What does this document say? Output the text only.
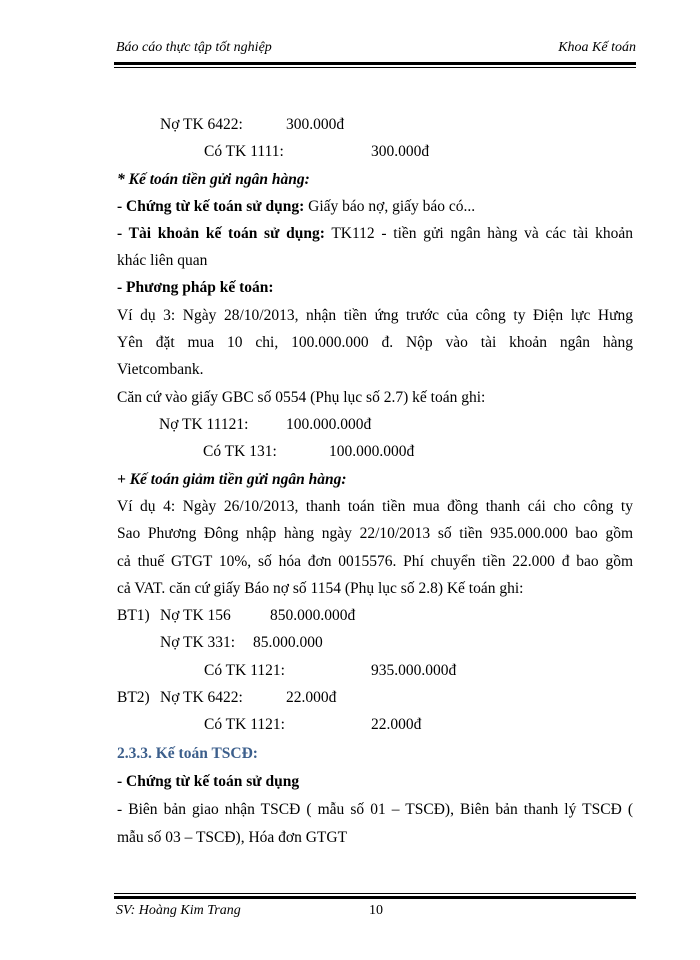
Báo cáo thực tập tốt nghiệp	Khoa Kế toán
Nợ TK 6422:	300.000đ
Có TK 1111:	300.000đ
* Kế toán tiền gửi ngân hàng:
- Chứng từ kế toán sử dụng: Giấy báo nợ, giấy báo có...
- Tài khoản kế toán sử dụng: TK112 - tiền gửi ngân hàng và các tài khoản
khác liên quan
- Phương pháp kế toán:
Ví dụ 3: Ngày 28/10/2013, nhận tiền ứng trước của công ty Điện lực Hưng
Yên đặt mua 10 chi, 100.000.000 đ. Nộp vào tài khoản ngân hàng
Vietcombank.
Căn cứ vào giấy GBC số 0554 (Phụ lục số 2.7) kế toán ghi:
Nợ TK 11121: 100.000.000đ
Có TK 131:	100.000.000đ
+ Kế toán giảm tiền gửi ngân hàng:
Ví dụ 4: Ngày 26/10/2013, thanh toán tiền mua đồng thanh cái cho công ty
Sao Phương Đông nhập hàng ngày 22/10/2013 số tiền 935.000.000 bao gồm
cả thuế GTGT 10%, số hóa đơn 0015576. Phí chuyển tiền 22.000 đ bao gồm
cả VAT. căn cứ giấy Báo nợ số 1154 (Phụ lục số 2.8) Kế toán ghi:
BT1) Nợ TK 156	850.000.000đ
Nợ TK 331: 85.000.000
Có TK 1121:	935.000.000đ
BT2) Nợ TK 6422:	22.000đ
Có TK 1121:	22.000đ
2.3.3. Kế toán TSCĐ:
- Chứng từ kế toán sử dụng
- Biên bản giao nhận TSCĐ ( mẫu số 01 – TSCĐ), Biên bản thanh lý TSCĐ (
mẫu số 03 – TSCĐ), Hóa đơn GTGT
SV: Hoàng Kim Trang	10
